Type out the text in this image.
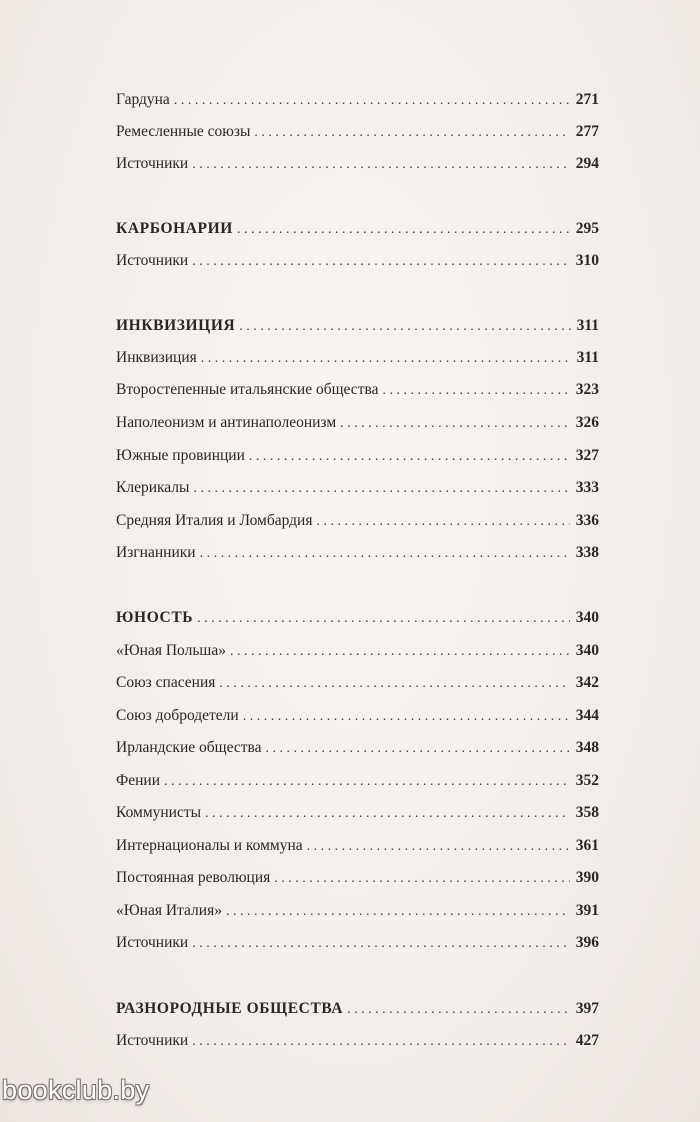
Гардуна . . .	271
Ремесленные союзы . . .	277
Источники . . .	294
КАРБОНАРИИ . . .	295
Источники . . .	310
ИНКВИЗИЦИЯ . . .	311
Инквизиция . . .	311
Второстепенные итальянские общества . . .	323
Наполеонизм и антинаполеонизм . . .	326
Южные провинции . . .	327
Клерикалы . . .	333
Средняя Италия и Ломбардия . . .	336
Изгнанники . . .	338
ЮНОСТЬ . . .	340
«Юная Польша» . . .	340
Союз спасения . . .	342
Союз добродетели . . .	344
Ирландские общества . . .	348
Фении . . .	352
Коммунисты . . .	358
Интернационалы и коммуна . . .	361
Постоянная революция . . .	390
«Юная Италия» . . .	391
Источники . . .	396
РАЗНОРОДНЫЕ ОБЩЕСТВА . . .	397
Источники . . .	427
bookclub.by
